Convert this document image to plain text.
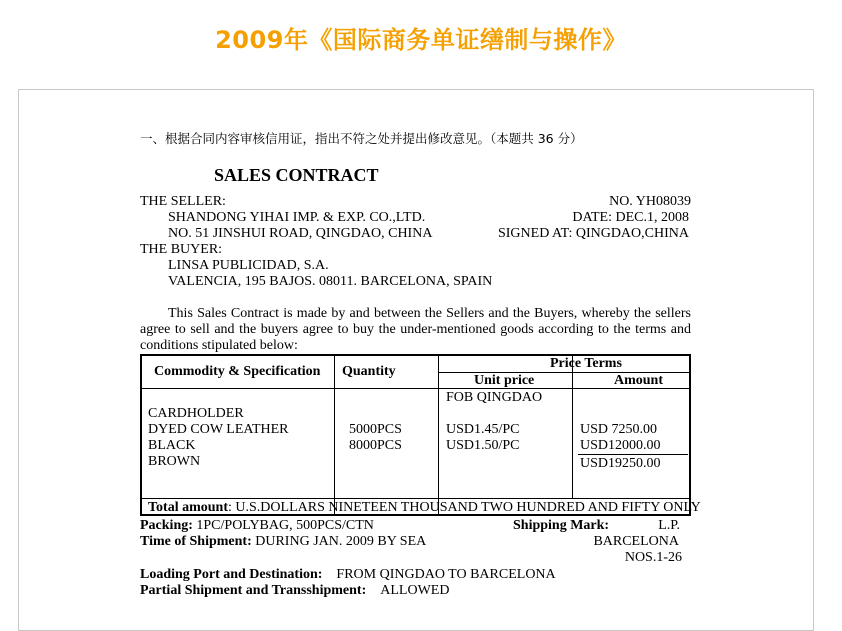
2009年《国际商务单证缮制与操作》
一、根据合同内容审核信用证，指出不符之处并提出修改意见。（本题共 36 分）
SALES CONTRACT
THE SELLER:
SHANDONG YIHAI IMP. & EXP. CO.,LTD.
NO. 51 JINSHUI ROAD, QINGDAO, CHINA
THE BUYER:
LINSA PUBLICIDAD, S.A.
VALENCIA, 195 BAJOS. 08011. BARCELONA, SPAIN
NO. YH08039
DATE: DEC.1, 2008
SIGNED AT: QINGDAO,CHINA
This Sales Contract is made by and between the Sellers and the Buyers, whereby the sellers agree to sell and the buyers agree to buy the under-mentioned goods according to the terms and conditions stipulated below:
Commodity & Specification Quantity
Price Terms
Unit price	Amount
FOB QINGDAO
CARDHOLDER
DYED COW LEATHER
BLACK
BROWN
5000PCS
8000PCS
USD1.45/PC
USD1.50/PC
USD 7250.00
USD12000.00
USD19250.00
Total amount: U.S.DOLLARS NINETEEN THOUSAND TWO HUNDRED AND FIFTY ONLY
Packing: 1PC/POLYBAG, 500PCS/CTN
Time of Shipment: DURING JAN. 2009 BY SEA
Shipping Mark:	L.P.
BARCELONA
NOS.1-26
Loading Port and Destination: FROM QINGDAO TO BARCELONA
Partial Shipment and Transshipment: ALLOWED
